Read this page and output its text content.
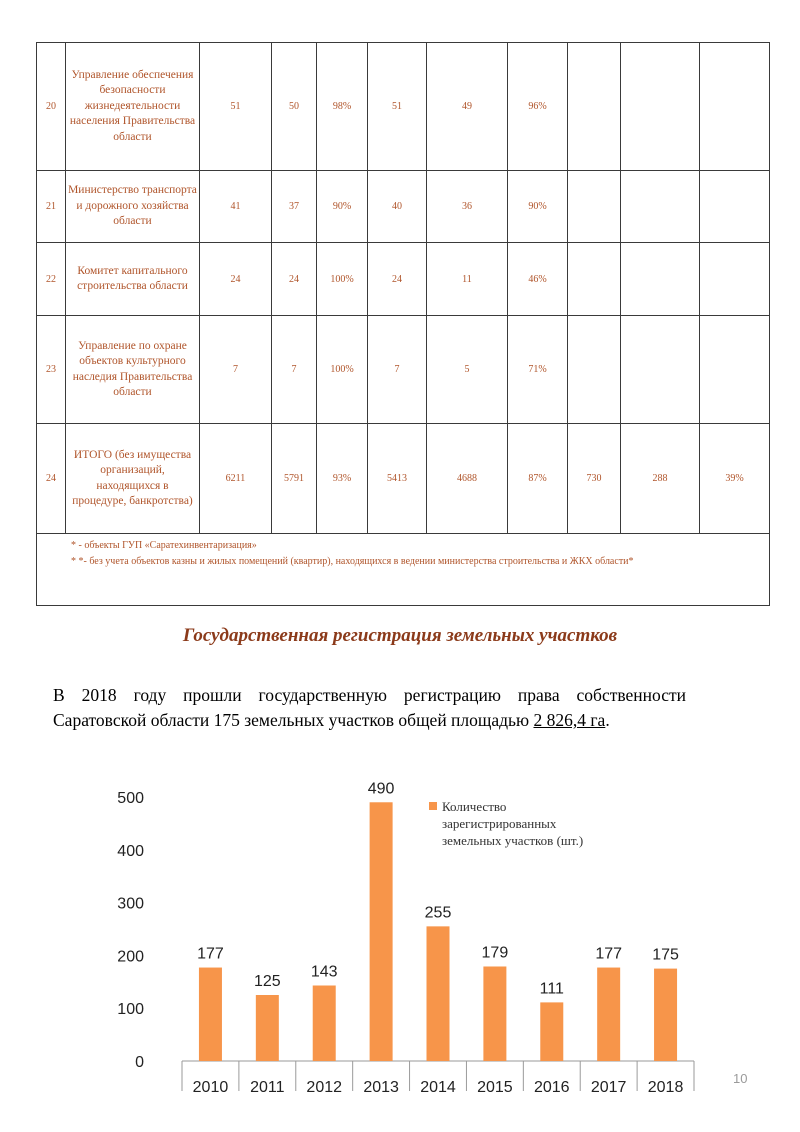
20	Управление обеспечения безопасности жизнедеятельности населения Правительства области	51	50	98%	51	49	96%			
21	Министерство транспорта и дорожного хозяйства области	41	37	90%	40	36	90%			
22	Комитет капитального строительства области	24	24	100%	24	11	46%			
23	Управление по охране объектов культурного наследия Правительства области	7	7	100%	7	5	71%			
24	ИТОГО (без имущества организаций, находящихся в процедуре, банкротства)	6211	5791	93%	5413	4688	87%	730	288	39%

* - объекты ГУП «Саратехинвентаризация»
* *- без учета объектов казны и жилых помещений (квартир), находящихся в ведении министерства строительства и ЖКХ области*										
Государственная регистрация земельных участков

В 2018 году прошли государственную регистрацию права собственности Саратовской области 175 земельных участков общей площадью 2 826,4 га.

0
100
200
300
400
500
177
2010
125
2011
143
2012
490
2013
255
2014
179
2015
111
2016
177
2017
175
2018
Количество
зарегистрированных
земельных участков (шт.)
10
